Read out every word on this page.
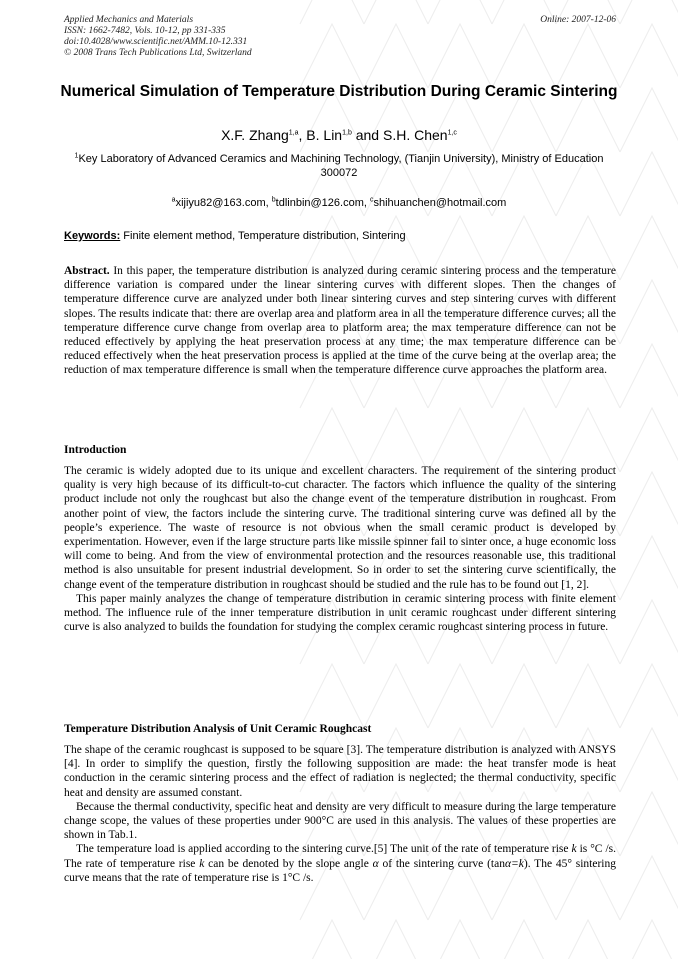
Applied Mechanics and Materials
ISSN: 1662-7482, Vols. 10-12, pp 331-335
doi:10.4028/www.scientific.net/AMM.10-12.331
© 2008 Trans Tech Publications Ltd, Switzerland
Online: 2007-12-06
Numerical Simulation of Temperature Distribution During Ceramic Sintering
X.F. Zhang$^{1,a}$, B. Lin$^{1,b}$ and S.H. Chen$^{1,c}$
$^1$Key Laboratory of Advanced Ceramics and Machining Technology, (Tianjin University), Ministry of Education 300072
$^a$xijiyu82@163.com, $^b$tdlinbin@126.com, $^c$shihuanchen@hotmail.com
Keywords: Finite element method, Temperature distribution, Sintering

Abstract. In this paper, the temperature distribution is analyzed during ceramic sintering process and the temperature difference variation is compared under the linear sintering curves with different slopes. Then the changes of temperature difference curve are analyzed under both linear sintering curves and step sintering curves with different slopes. The results indicate that: there are overlap area and platform area in all the temperature difference curves; all the temperature difference curve change from overlap area to platform area; the max temperature difference can not be reduced effectively by applying the heat preservation process at any time; the max temperature difference can be reduced effectively when the heat preservation process is applied at the time of the curve being at the overlap area; the reduction of max temperature difference is small when the temperature difference curve approaches the platform area.

Introduction

The ceramic is widely adopted due to its unique and excellent characters. The requirement of the sintering product quality is very high because of its difficult-to-cut character. The factors which influence the quality of the sintering product include not only the roughcast but also the change event of the temperature distribution in roughcast. From another point of view, the factors include the sintering curve. The traditional sintering curve was defined all by the people’s experience. The waste of resource is not obvious when the small ceramic product is developed by experimentation. However, even if the large structure parts like missile spinner fail to sinter once, a huge economic loss will come to being. And from the view of environmental protection and the resources reasonable use, this traditional method is also unsuitable for present industrial development. So in order to set the sintering curve scientifically, the change event of the temperature distribution in roughcast should be studied and the rule has to be found out [1, 2].

This paper mainly analyzes the change of temperature distribution in ceramic sintering process with finite element method. The influence rule of the inner temperature distribution in unit ceramic roughcast under different sintering curve is also analyzed to builds the foundation for studying the complex ceramic roughcast sintering process in future.

Temperature Distribution Analysis of Unit Ceramic Roughcast

The shape of the ceramic roughcast is supposed to be square [3]. The temperature distribution is analyzed with ANSYS [4]. In order to simplify the question, firstly the following supposition are made: the heat transfer mode is heat conduction in the ceramic sintering process and the effect of radiation is neglected; the thermal conductivity, specific heat and density are assumed constant.

Because the thermal conductivity, specific heat and density are very difficult to measure during the large temperature change scope, the values of these properties under 900°C are used in this analysis. The values of these properties are shown in Tab.1.

The temperature load is applied according to the sintering curve.[5] The unit of the rate of temperature rise k is °C /s. The rate of temperature rise k can be denoted by the slope angle α of the sintering curve (tanα=k). The 45° sintering curve means that the rate of temperature rise is 1°C /s.
